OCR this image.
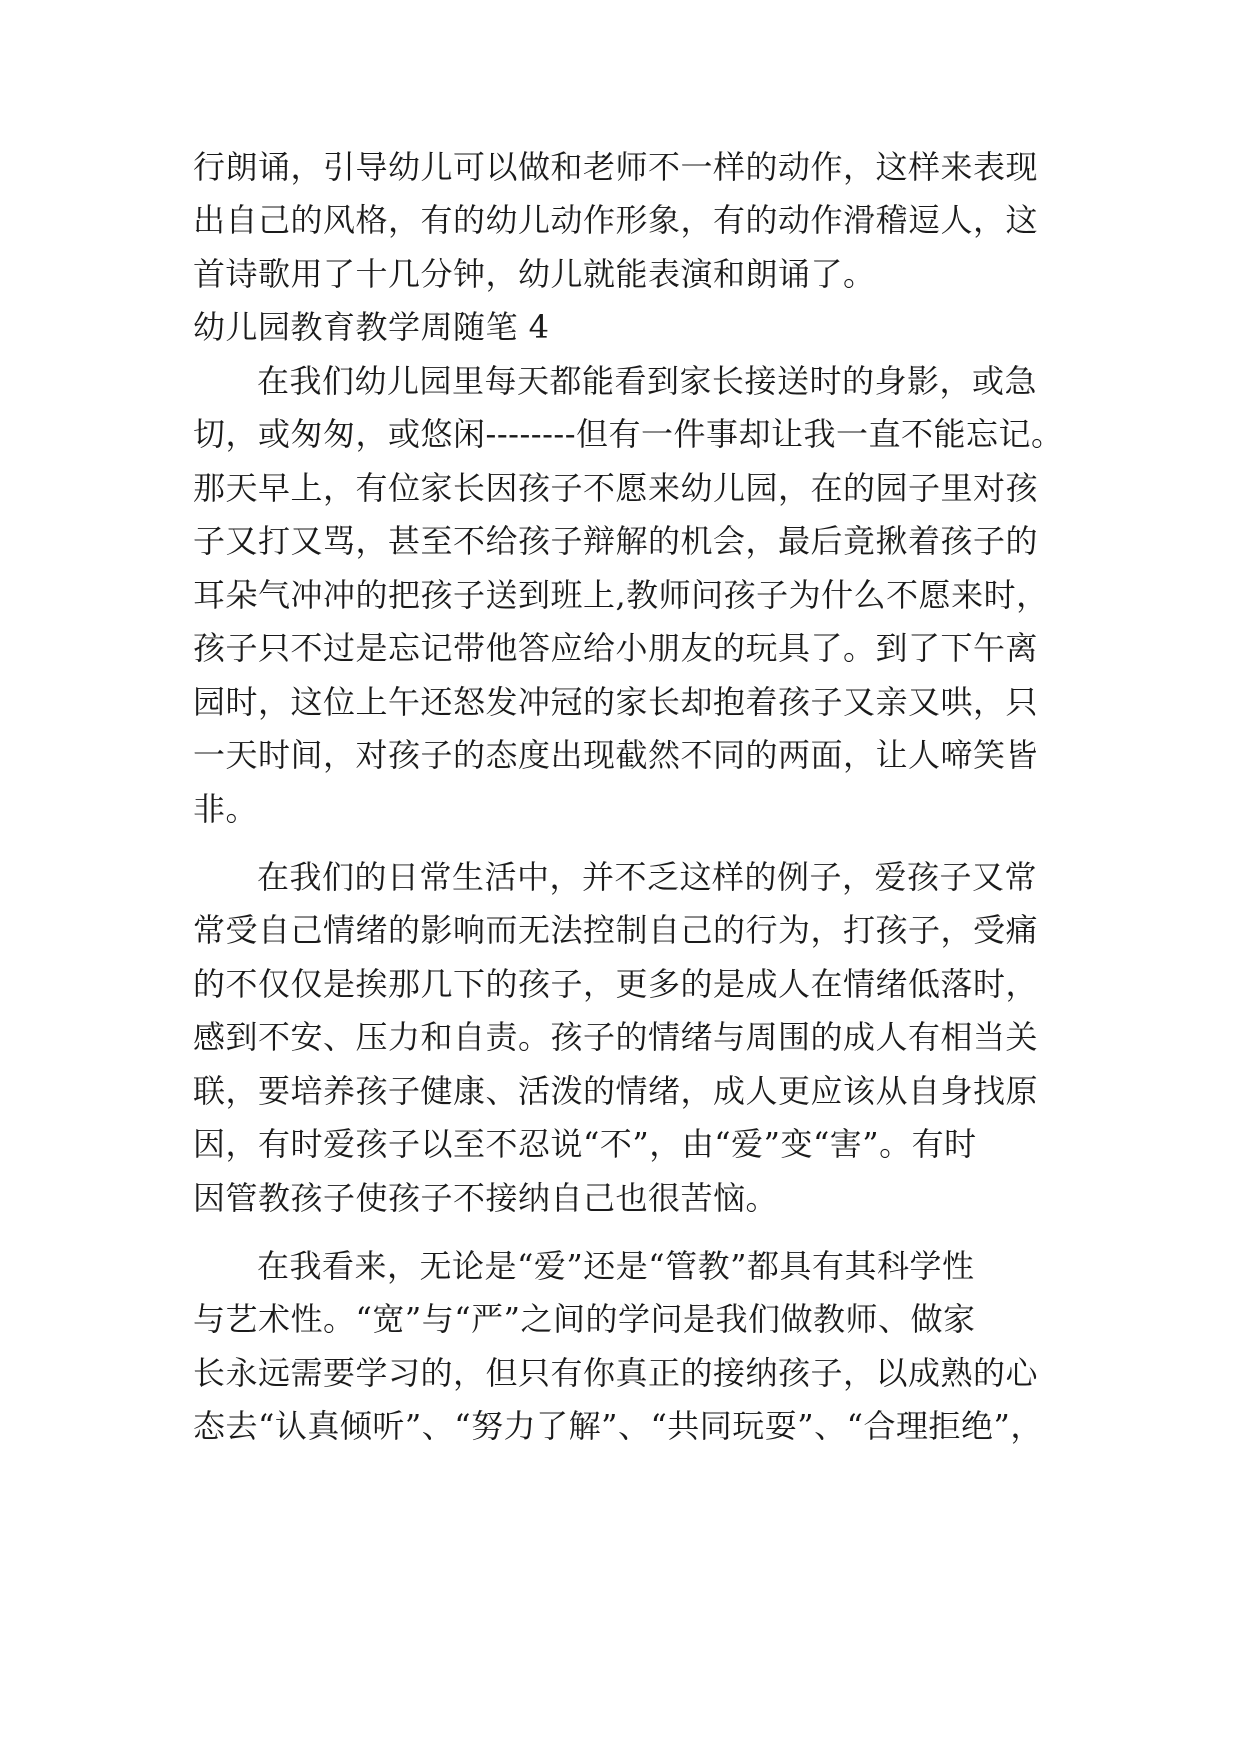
行朗诵，引导幼儿可以做和老师不一样的动作，这样来表现
出自己的风格，有的幼儿动作形象，有的动作滑稽逗人，这
首诗歌用了十几分钟，幼儿就能表演和朗诵了。
幼儿园教育教学周随笔 4
在我们幼儿园里每天都能看到家长接送时的身影，或急
切，或匆匆，或悠闲--------但有一件事却让我一直不能忘记。
那天早上，有位家长因孩子不愿来幼儿园，在的园子里对孩
子又打又骂，甚至不给孩子辩解的机会，最后竟揪着孩子的
耳朵气冲冲的把孩子送到班上,教师问孩子为什么不愿来时，
孩子只不过是忘记带他答应给小朋友的玩具了。到了下午离
园时，这位上午还怒发冲冠的家长却抱着孩子又亲又哄，只
一天时间，对孩子的态度出现截然不同的两面，让人啼笑皆
非。
在我们的日常生活中，并不乏这样的例子，爱孩子又常
常受自己情绪的影响而无法控制自己的行为，打孩子，受痛
的不仅仅是挨那几下的孩子，更多的是成人在情绪低落时，
感到不安、压力和自责。孩子的情绪与周围的成人有相当关
联，要培养孩子健康、活泼的情绪，成人更应该从自身找原
因，有时爱孩子以至不忍说“不”，由“爱”变“害”。有时
因管教孩子使孩子不接纳自己也很苦恼。
在我看来，无论是“爱”还是“管教”都具有其科学性
与艺术性。“宽”与“严”之间的学问是我们做教师、做家
长永远需要学习的，但只有你真正的接纳孩子，以成熟的心
态去“认真倾听”、“努力了解”、“共同玩耍”、“合理拒绝”，
